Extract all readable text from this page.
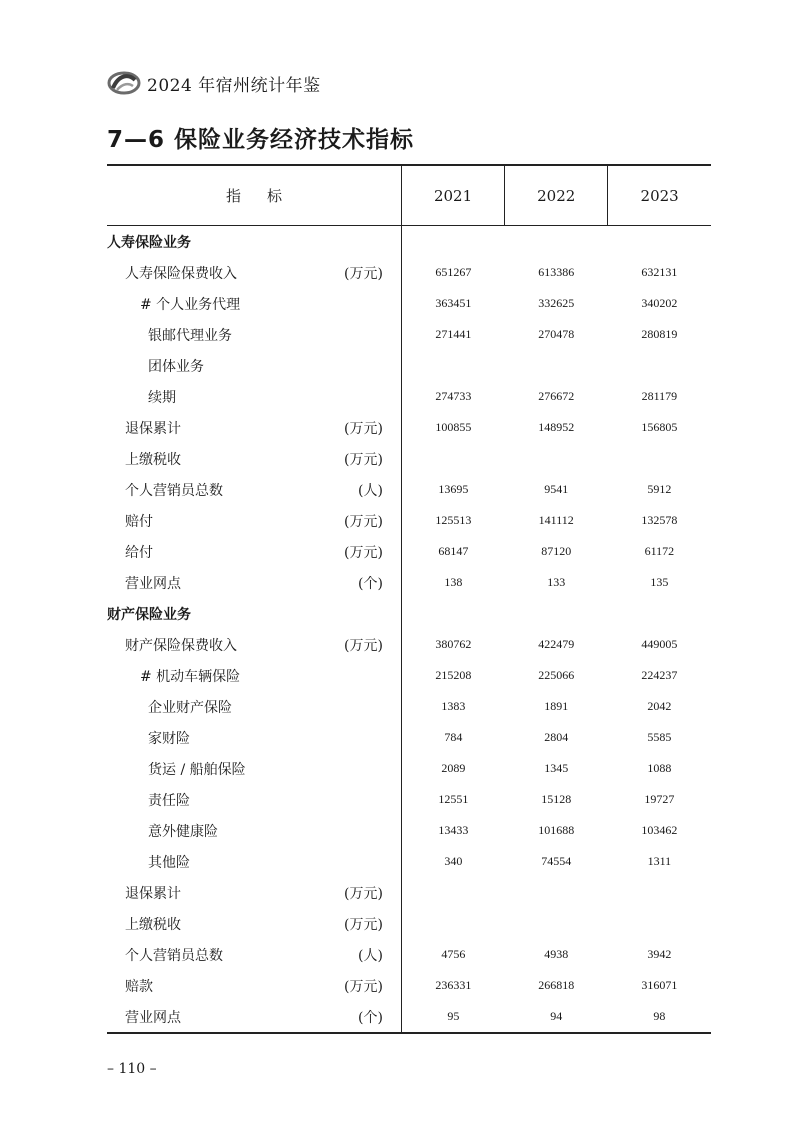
2024 年宿州统计年鉴
7—6 保险业务经济技术指标
指标	2021	2022	2023
人寿保险业务			
人寿保险保费收入 (万元)	651267	613386	632131
# 个人业务代理	363451	332625	340202
银邮代理业务	271441	270478	280819
团体业务			
续期	274733	276672	281179
退保累计 (万元)	100855	148952	156805
上缴税收 (万元)			

个人营销员总数 (人)	13695	9541	5912
赔付 (万元)	125513	141112	132578
给付 (万元)	68147	87120	61172
营业网点 (个)	138	133	135
财产保险业务			
财产保险保费收入 (万元)	380762	422479	449005
# 机动车辆保险	215208	225066	224237
企业财产保险	1383	1891	2042
家财险	784	2804	5585
货运 / 船舶保险	2089	1345	1088
责任险	12551	15128	19727
意外健康险	13433	101688	103462
其他险	340	74554	1311
退保累计 (万元)			

上缴税收 (万元)			

个人营销员总数 (人)	4756	4938	3942
赔款 (万元)	236331	266818	316071
营业网点 (个)	95	94	98
– 110 –
